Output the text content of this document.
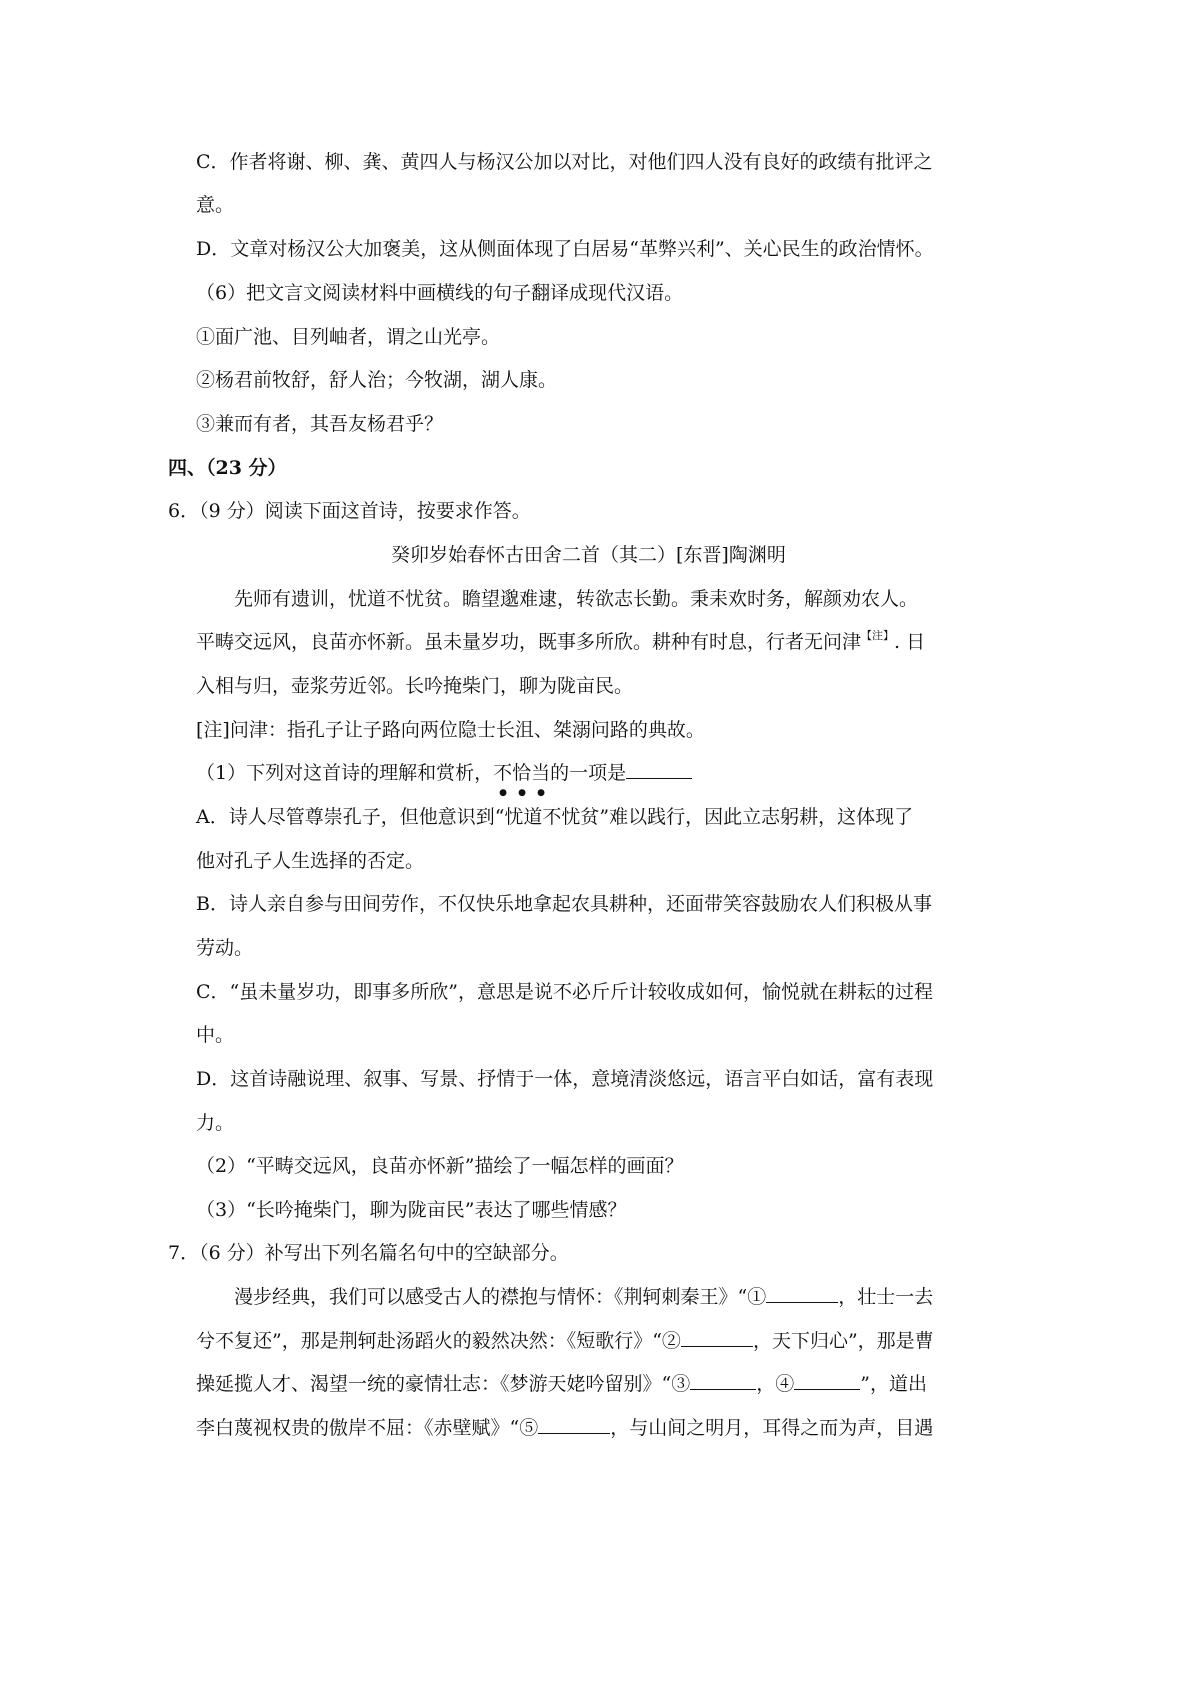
C．作者将谢、柳、龚、黄四人与杨汉公加以对比，对他们四人没有良好的政绩有批评之
意。
D．文章对杨汉公大加褒美，这从侧面体现了白居易“革弊兴利”、关心民生的政治情怀。
（6）把文言文阅读材料中画横线的句子翻译成现代汉语。
①面广池、目列岫者，谓之山光亭。
②杨君前牧舒，舒人治；今牧湖，湖人康。
③兼而有者，其吾友杨君乎？
四、（23 分）
6．（9 分）阅读下面这首诗，按要求作答。
癸卯岁始春怀古田舍二首（其二）[东晋]陶渊明
先师有遗训，忧道不忧贫。瞻望邈难逮，转欲志长勤。秉耒欢时务，解颜劝农人。
平畴交远风，良苗亦怀新。虽未量岁功，既事多所欣。耕种有时息，行者无问津$^{【注】}$. 日
入相与归，壶浆劳近邻。长吟掩柴门，聊为陇亩民。
[注]问津：指孔子让子路向两位隐士长沮、桀溺问路的典故。
（1）下列对这首诗的理解和赏析，不恰当
● ● ●
的一项是
A．诗人尽管尊崇孔子，但他意识到“忧道不忧贫”难以践行，因此立志躬耕，这体现了
他对孔子人生选择的否定。
B．诗人亲自参与田间劳作，不仅快乐地拿起农具耕种，还面带笑容鼓励农人们积极从事
劳动。
C．“虽未量岁功，即事多所欣”，意思是说不必斤斤计较收成如何，愉悦就在耕耘的过程
中。
D．这首诗融说理、叙事、写景、抒情于一体，意境清淡悠远，语言平白如话，富有表现
力。
（2）“平畴交远风，良苗亦怀新”描绘了一幅怎样的画面？
（3）“长吟掩柴门，聊为陇亩民”表达了哪些情感？
7．（6 分）补写出下列名篇名句中的空缺部分。
漫步经典，我们可以感受古人的襟抱与情怀：《荆轲刺秦王》“①	，壮士一去
兮不复还”，那是荆轲赴汤蹈火的毅然决然：《短歌行》“②	，天下归心”，那是曹
操延揽人才、渴望一统的豪情壮志：《梦游天姥吟留别》“③	，④	”，道出
李白蔑视权贵的傲岸不屈：《赤壁赋》“⑤	，与山间之明月，耳得之而为声，目遇
